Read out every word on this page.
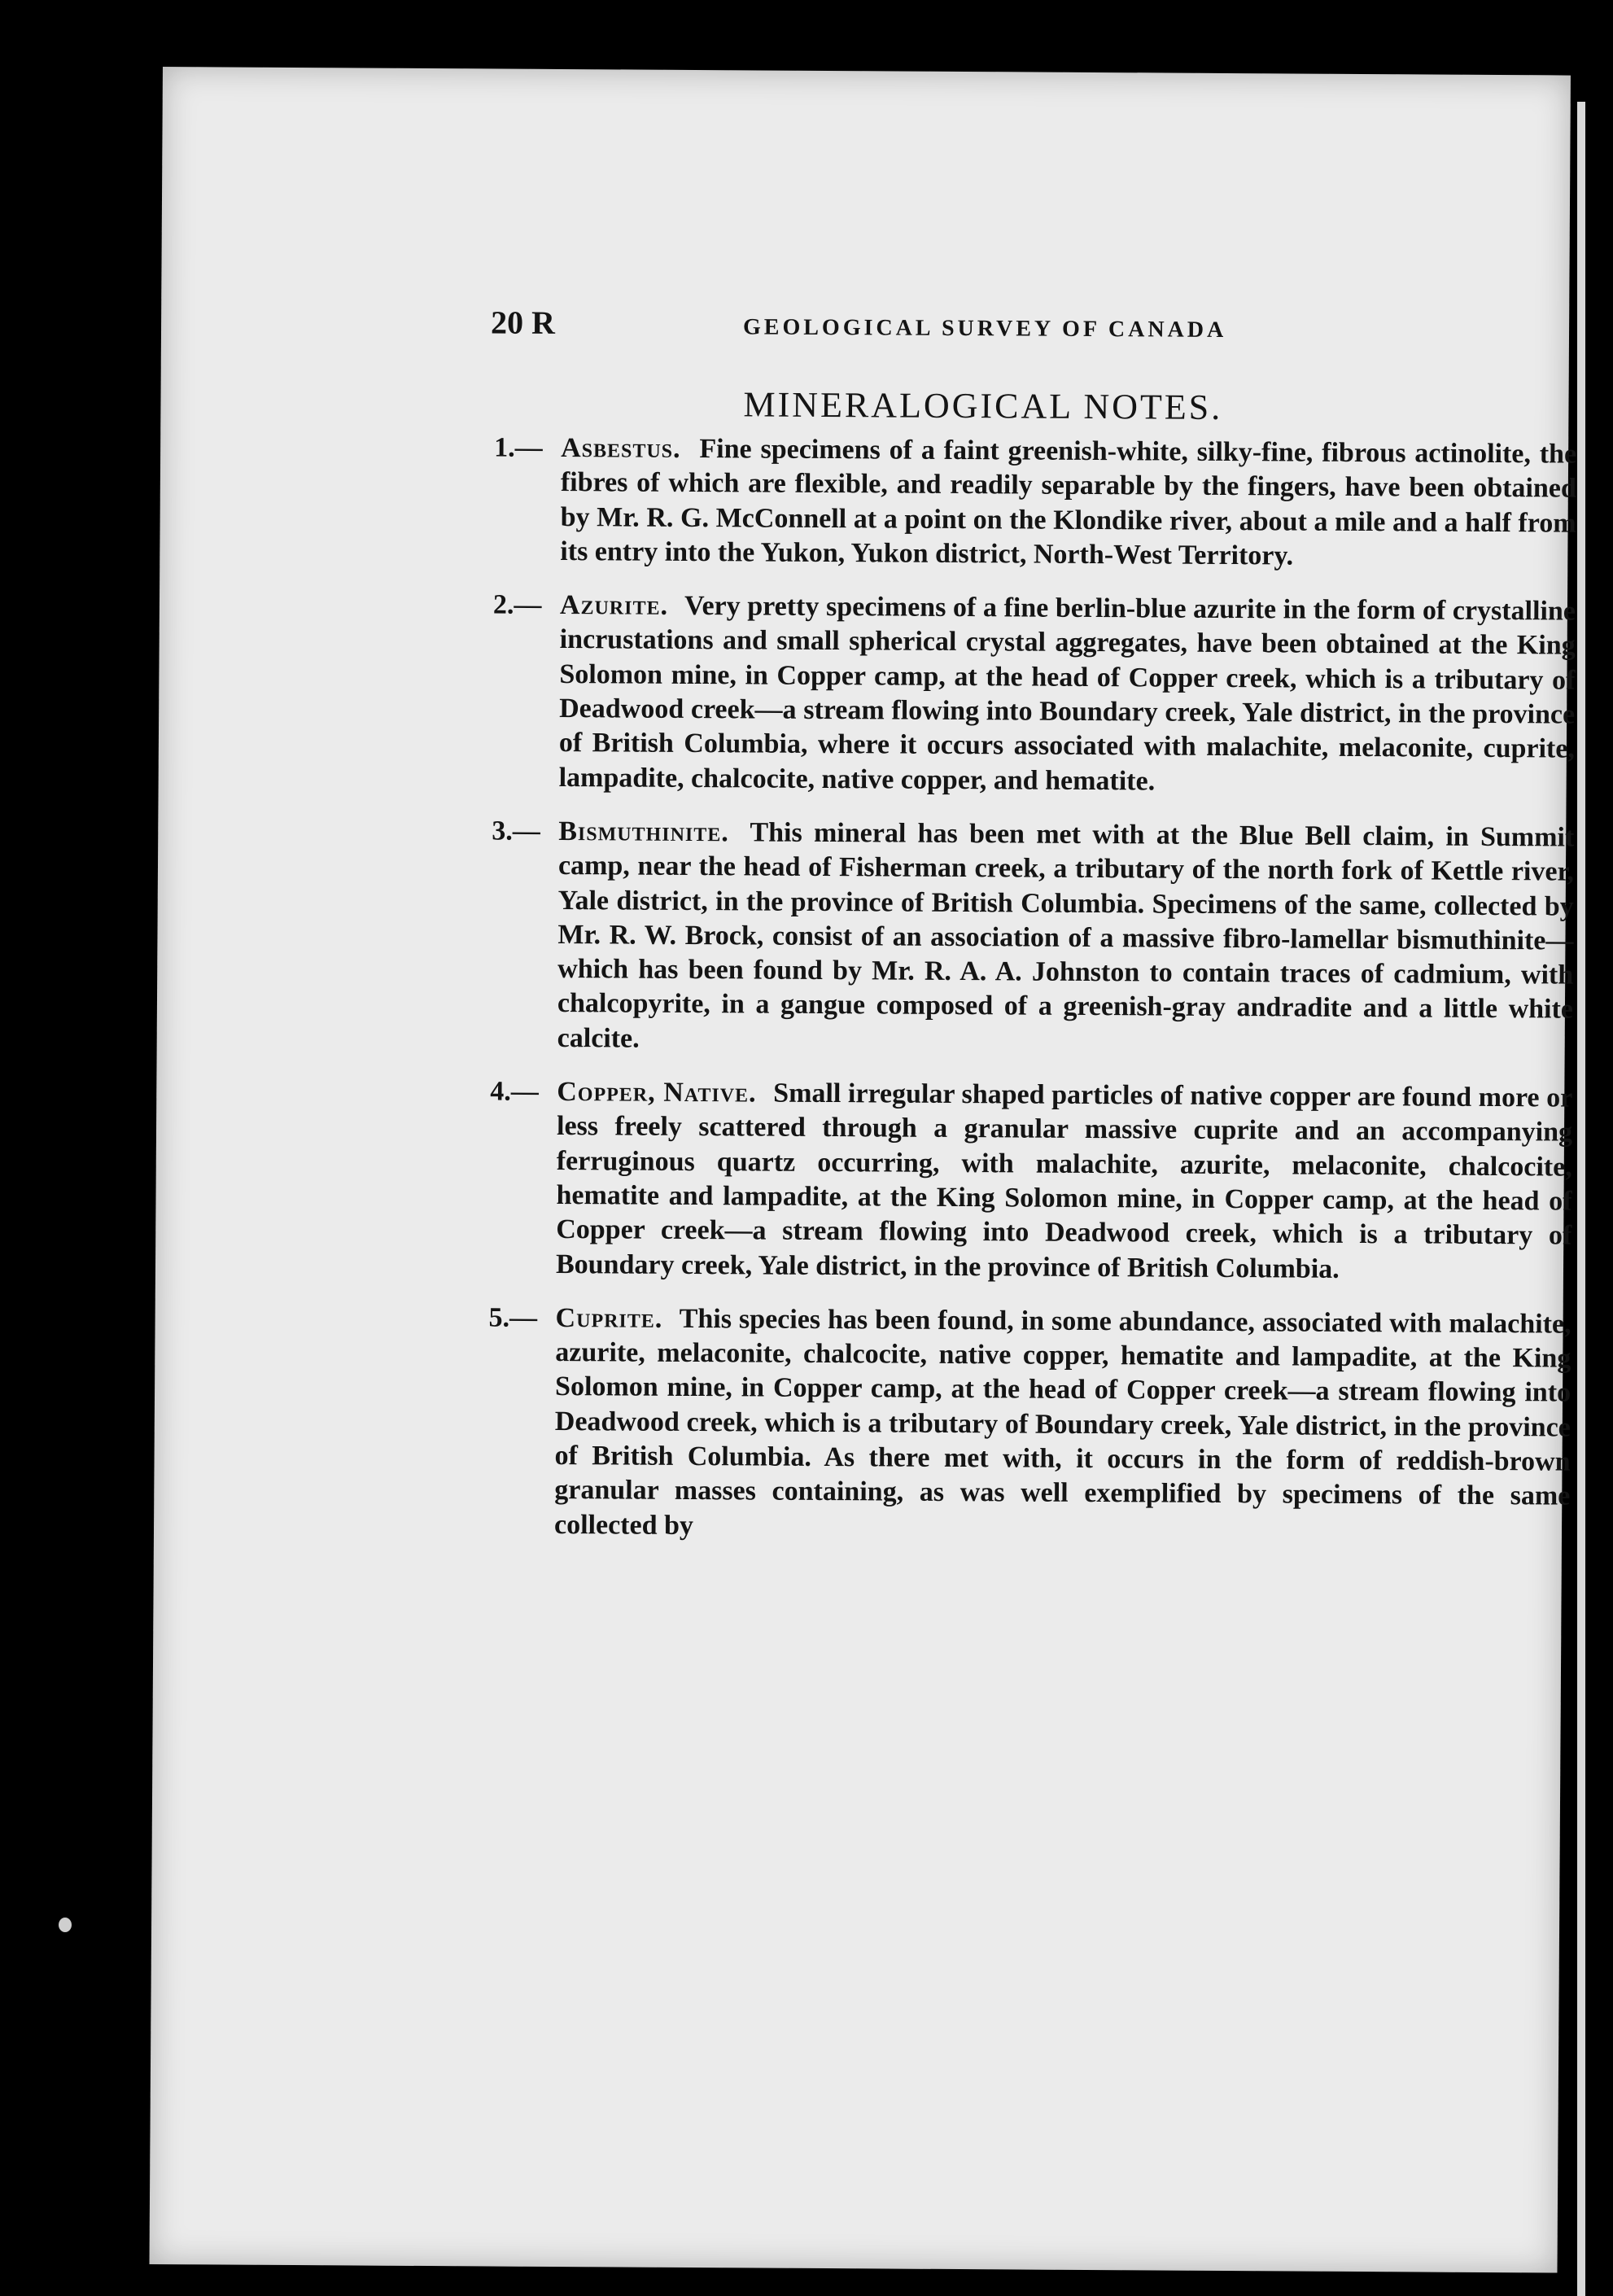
20 R	GEOLOGICAL SURVEY OF CANADA
MINERALOGICAL NOTES.
1.— Asbestus. Fine specimens of a faint greenish-white, silky-fine, fibrous actinolite, the fibres of which are flexible, and readily separable by the fingers, have been obtained by Mr. R. G. McConnell at a point on the Klondike river, about a mile and a half from its entry into the Yukon, Yukon district, North-West Territory.
2.— Azurite. Very pretty specimens of a fine berlin-blue azurite in the form of crystalline incrustations and small spherical crystal aggregates, have been obtained at the King Solomon mine, in Copper camp, at the head of Copper creek, which is a tributary of Deadwood creek—a stream flowing into Boundary creek, Yale district, in the province of British Columbia, where it occurs associated with malachite, melaconite, cuprite, lampadite, chalcocite, native copper, and hematite.
3.— Bismuthinite. This mineral has been met with at the Blue Bell claim, in Summit camp, near the head of Fisherman creek, a tributary of the north fork of Kettle river, Yale district, in the province of British Columbia. Specimens of the same, collected by Mr. R. W. Brock, consist of an association of a massive fibro-lamellar bismuthinite—which has been found by Mr. R. A. A. Johnston to contain traces of cadmium, with chalcopyrite, in a gangue composed of a greenish-gray andradite and a little white calcite.
4.— Copper, Native. Small irregular shaped particles of native copper are found more or less freely scattered through a granular massive cuprite and an accompanying ferruginous quartz occurring, with malachite, azurite, melaconite, chalcocite, hematite and lampadite, at the King Solomon mine, in Copper camp, at the head of Copper creek—a stream flowing into Deadwood creek, which is a tributary of Boundary creek, Yale district, in the province of British Columbia.
5.— Cuprite. This species has been found, in some abundance, associated with malachite, azurite, melaconite, chalcocite, native copper, hematite and lampadite, at the King Solomon mine, in Copper camp, at the head of Copper creek—a stream flowing into Deadwood creek, which is a tributary of Boundary creek, Yale district, in the province of British Columbia. As there met with, it occurs in the form of reddish-brown granular masses containing, as was well exemplified by specimens of the same collected by
